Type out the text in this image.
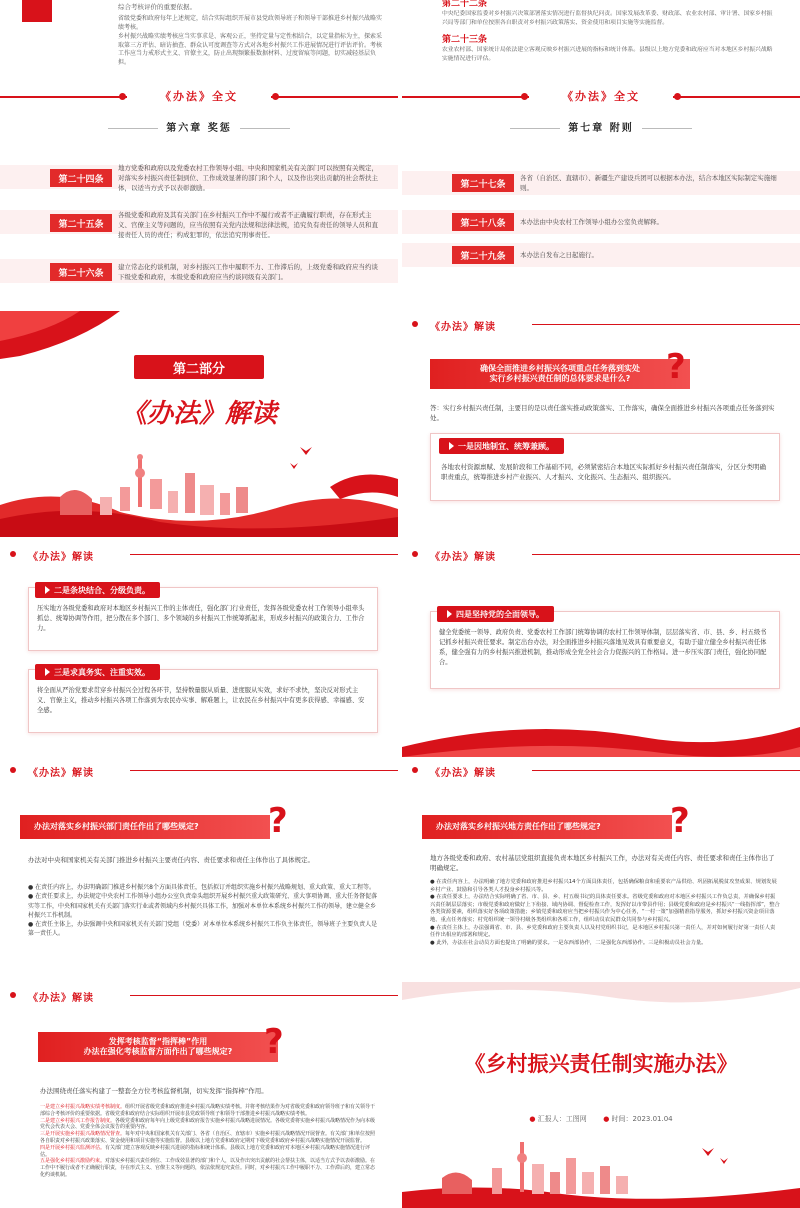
综合考核评价的重要依据。
省级党委和政府每年上述规定，结合实际组织开展市县党政领导班子和领导干部推进乡村振兴战略实绩考核。
乡村振兴战略实绩考核应当实事求是、客观公正，坚持定量与定性相结合，以定量指标为主，探索采取第三方评估、暗访抽查、群众认可度调查等方式对各地乡村振兴工作进展情况进行评估评价。考核工作应当力戒形式主义、官僚主义，防止出现频繁报数据材料、过度留痕等问题，切实减轻基层负担。
第二十二条
中央纪委国家监委对乡村振兴决策部署落实情况进行监督执纪问责。国家发展改革委、财政部、农业农村部、审计署、国家乡村振兴局等部门和单位按照各自职责对乡村振兴政策落实、资金使用和项目实施等实施监督。
第二十三条
农业农村部、国家统计局依法建立客观反映乡村振兴进展的指标和统计体系。县级以上地方党委和政府应当对本地区乡村振兴战略实施情况进行评估。
《办法》全文
第六章 奖惩
第二十四条
地方党委和政府以及党委农村工作领导小组、中央和国家机关有关部门可以按照有关规定，对落实乡村振兴责任制到位、工作成效显著的部门和个人，以及作出突出贡献的社会帮扶主体，以适当方式予以表彰激励。
第二十五条
各级党委和政府及其有关部门在乡村振兴工作中不履行或者不正确履行职责，存在形式主义、官僚主义等问题的，应当依照有关党内法规和法律法规，追究负有责任的领导人员和直接责任人员的责任；构成犯罪的，依法追究刑事责任。
第二十六条
建立常态化约谈机制，对乡村振兴工作中履职不力、工作滞后的，上级党委和政府应当约谈下级党委和政府，本级党委和政府应当约谈同级有关部门。
《办法》全文
第七章 附则
第二十七条
各省（自治区、直辖市）、新疆生产建设兵团可以根据本办法，结合本地区实际制定实施细则。
第二十八条	本办法由中央农村工作领导小组办公室负责解释。
第二十九条	本办法自发布之日起施行。
第二部分
《办法》解读
《办法》解读
确保全面推进乡村振兴各项重点任务落到实处
实行乡村振兴责任制的总体要求是什么? ?
答：实行乡村振兴责任制，主要目的是以责任落实推动政策落实、工作落实，确保全面推进乡村振兴各项重点任务落到实处。
一是因地制宜、统筹兼顾。
各地农村资源禀赋、发展阶段和工作基础不同，必须紧密结合本地区实际抓好乡村振兴责任制落实，分区分类明确职责重点，统筹推进乡村产业振兴、人才振兴、文化振兴、生态振兴、组织振兴。
《办法》解读
二是条块结合、分级负责。
压实地方各级党委和政府对本地区乡村振兴工作的主体责任，强化部门行业责任，发挥各级党委农村工作领导小组牵头抓总、统筹协调等作用，把分散在多个部门、多个领域的乡村振兴工作统筹抓起来，形成乡村振兴的政策合力、工作合力。
三是求真务实、注重实效。
将全面从严治党要求贯穿乡村振兴全过程各环节，坚持数量服从质量、进度服从实效，求好不求快，坚决反对形式主义、官僚主义，推动乡村振兴各项工作落到为农民办实事、解难题上，让农民在乡村振兴中有更多获得感、幸福感、安全感。
《办法》解读
四是坚持党的全面领导。
健全党委统一领导、政府负责、党委农村工作部门统筹协调的农村工作领导体制，层层落实省、市、县、乡、村五级书记抓乡村振兴责任要求。制定出台办法，对全面推进乡村振兴落地见效具有重要意义，有助于建立健全乡村振兴责任体系，健全强有力的乡村振兴推进机制，推动形成全党全社会合力促振兴的工作格局。进一步压实部门责任，强化协同配合。
《办法》解读
办法对落实乡村振兴部门责任作出了哪些规定?	?
办法对中央和国家机关有关部门推进乡村振兴主要责任内容、责任要求和责任主体作出了具体规定。
● 在责任内容上，办法明确部门推进乡村振兴8个方面具体责任，包括拟订并组织实施乡村振兴战略规划、重大政策、重大工程等。
● 在责任要求上，办法规定中央农村工作领导小组办公室负责牵头组织开展乡村振兴重大政策研究、重大事项协调、重大任务督促落实等工作，中央和国家机关有关部门落实行业或者领域内乡村振兴具体工作，加强对本单位本系统乡村振兴工作的领导，建立健全乡村振兴工作机制。
● 在责任主体上，办法强调中央和国家机关有关部门党组（党委）对本单位本系统乡村振兴工作负主体责任，领导班子主要负责人是第一责任人。
《办法》解读
办法对落实乡村振兴地方责任作出了哪些规定?	?
地方各级党委和政府、农村基层党组织直接负责本地区乡村振兴工作，办法对有关责任内容、责任要求和责任主体作出了明确规定。
● 在责任内容上，办法明确了地方党委和政府推进乡村振兴14个方面具体责任，包括确保粮食和重要农产品供给、巩固拓展脱贫攻坚成果、规划发展乡村产业、鼓励和引导各类人才投身乡村振兴等。
● 在责任要求上，办法结合实际明确了省、市、县、乡、村五级书记的具体责任要求。省级党委和政府对本地区乡村振兴工作负总责，并确保乡村振兴责任制层层落实；市级党委和政府做好上下衔接、域内协调、督促检查工作，发挥好以市带县作用；县级党委和政府是乡村振兴“一线指挥部”，整合各类资源要素，组织落实好各项政策措施；乡镇党委和政府应当把乡村振兴作为中心任务，“一村一策”加强精准指导服务，抓好乡村振兴资金项目落地、重点任务落实；村党组织统一领导村级各类组织和各项工作，组织动员农民群众共同参与乡村振兴。
● 在责任主体上，办法强调省、市、县、乡党委和政府主要负责人以及村党组织书记，是本地区乡村振兴第一责任人，并对如何履行好第一责任人责任作出相应的部署和规定。
● 此外，办法在社会动员方面也提出了明确的要求。一是东西部协作，二是强化东西部协作。三是积极动员社会力量。
《办法》解读
发挥考核监督“指挥棒”作用
办法在强化考核监督方面作出了哪些规定? ?
办法围绕责任落实构建了一整套全方位考核监督机制，切实发挥“指挥棒”作用。
一是建立乡村振兴战略实绩考核制度。组织开展省级党委和政府推进乡村振兴战略实绩考核。并将考核结果作为对省级党委和政府领导班子和有关领导干部综合考核评价的重要依据。省级党委和政府结合实际组织开展市县党政领导班子和领导干部推进乡村振兴战略实绩考核。
二是建立乡村振兴工作报告制度。各级党委和政府每年向上级党委和政府报告实施乡村振兴战略进展情况。各级党委将实施乡村振兴战略情况作为向本级党代会代表大会、党委全体会议报告的重要内容。
三是开展实施乡村振兴战略情况督查。每年对中央和国家机关有关部门、各省（自治区、直辖市）实施乡村振兴战略情况开展督查。有关部门和单位按照各自职责对乡村振兴政策落实、资金使用和项目实施等实施监督。县级以上地方党委和政府定期对下级党委和政府乡村振兴战略实施情况开展监督。
四是开展乡村振兴监测评估。有关部门建立客观反映乡村振兴进展的指标和统计体系。县级以上地方党委和政府对本地区乡村振兴战略实施情况进行评估。
五是强化乡村振兴激励约束。对落实乡村振兴责任到位、工作成效显著的部门和个人，以及作出突出贡献的社会帮扶主体，以适当方式予以表彰激励。在工作中不履行或者不正确履行职责，存在形式主义、官僚主义等问题的，依法依规追究责任。同时，对乡村振兴工作中履职不力、工作滞后的，建立常态化约谈机制。
《乡村振兴责任制实施办法》
● 汇报人：工图网 ● 时间：2023.01.04
